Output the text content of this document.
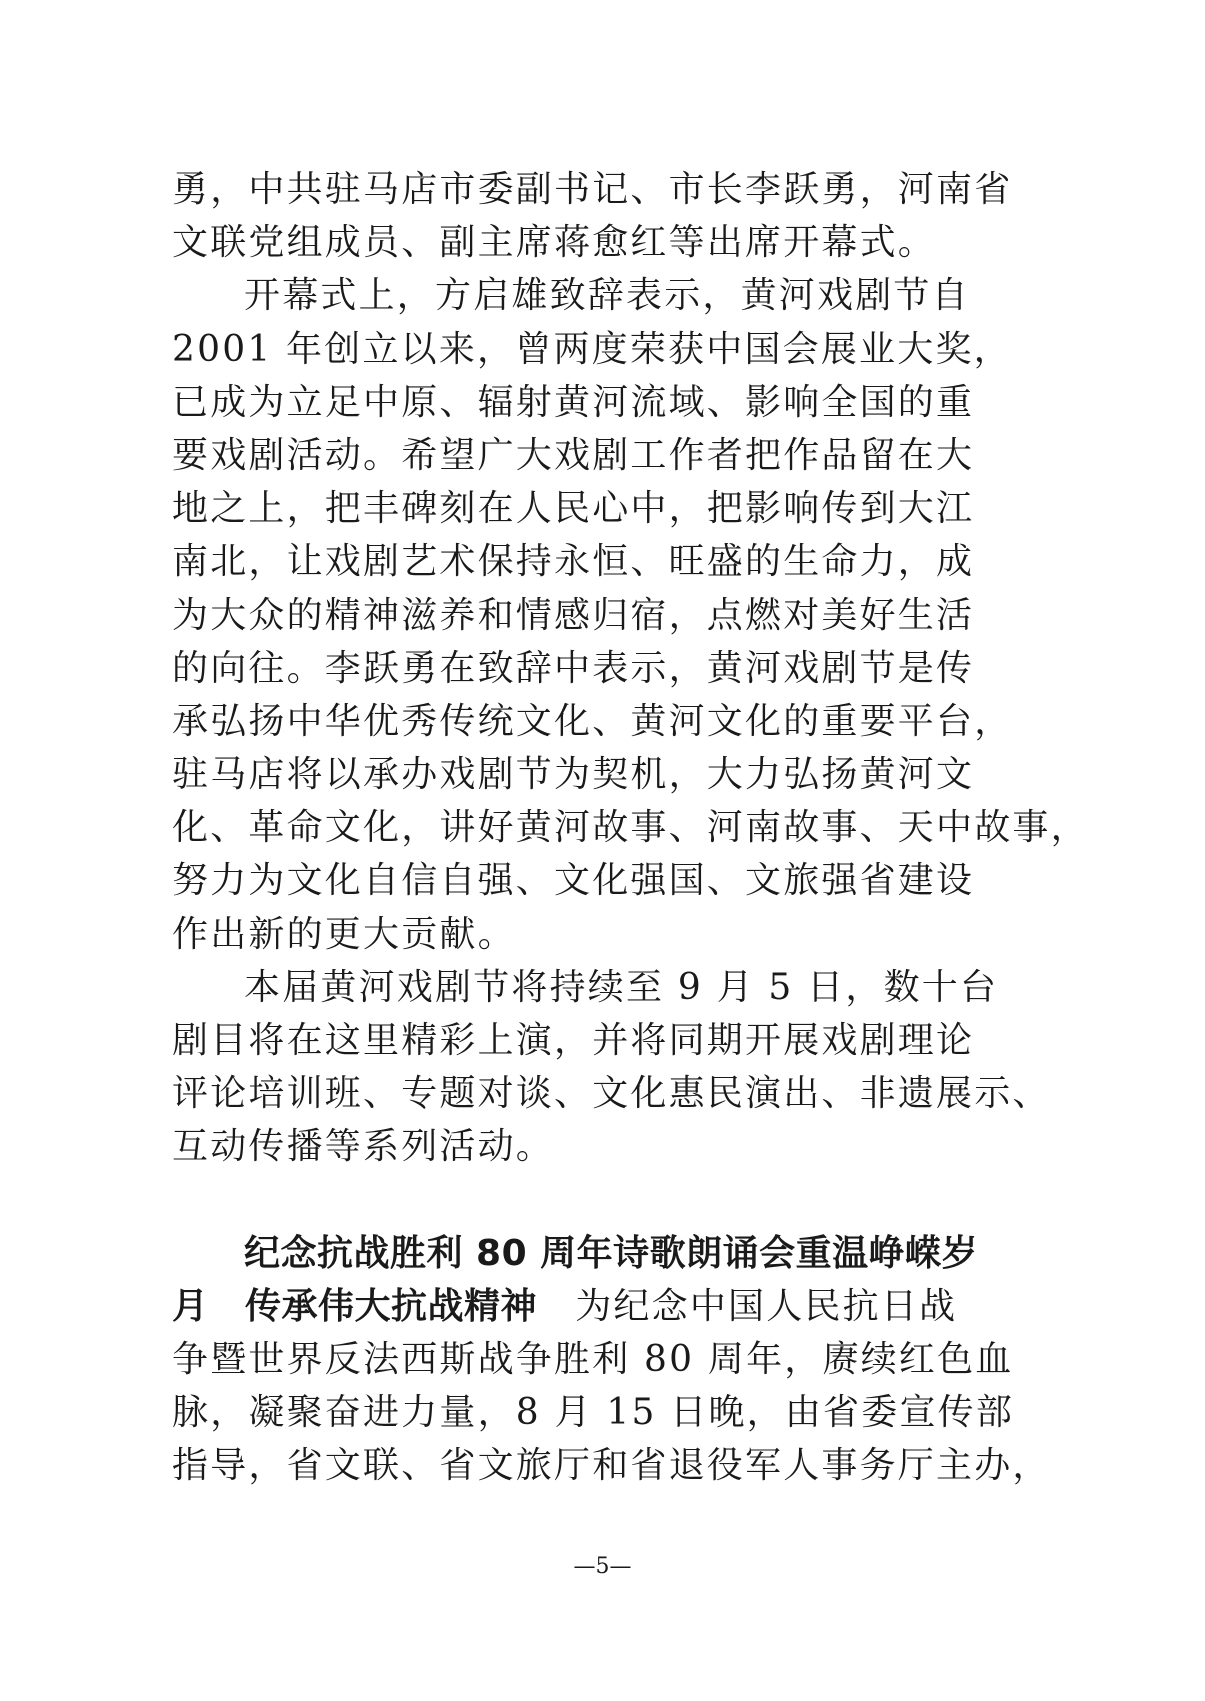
勇，中共驻马店市委副书记、市长李跃勇，河南省
文联党组成员、副主席蒋愈红等出席开幕式。
开幕式上，方启雄致辞表示，黄河戏剧节自
2001 年创立以来，曾两度荣获中国会展业大奖，
已成为立足中原、辐射黄河流域、影响全国的重
要戏剧活动。希望广大戏剧工作者把作品留在大
地之上，把丰碑刻在人民心中，把影响传到大江
南北，让戏剧艺术保持永恒、旺盛的生命力，成
为大众的精神滋养和情感归宿，点燃对美好生活
的向往。李跃勇在致辞中表示，黄河戏剧节是传
承弘扬中华优秀传统文化、黄河文化的重要平台，
驻马店将以承办戏剧节为契机，大力弘扬黄河文
化、革命文化，讲好黄河故事、河南故事、天中故事，
努力为文化自信自强、文化强国、文旅强省建设
作出新的更大贡献。
本届黄河戏剧节将持续至 9 月 5 日，数十台
剧目将在这里精彩上演，并将同期开展戏剧理论
评论培训班、专题对谈、文化惠民演出、非遗展示、
互动传播等系列活动。
纪念抗战胜利 80 周年诗歌朗诵会重温峥嵘岁
月　传承伟大抗战精神　为纪念中国人民抗日战
争暨世界反法西斯战争胜利 80 周年，赓续红色血
脉，凝聚奋进力量，8 月 15 日晚，由省委宣传部
指导，省文联、省文旅厅和省退役军人事务厅主办，
—5—
